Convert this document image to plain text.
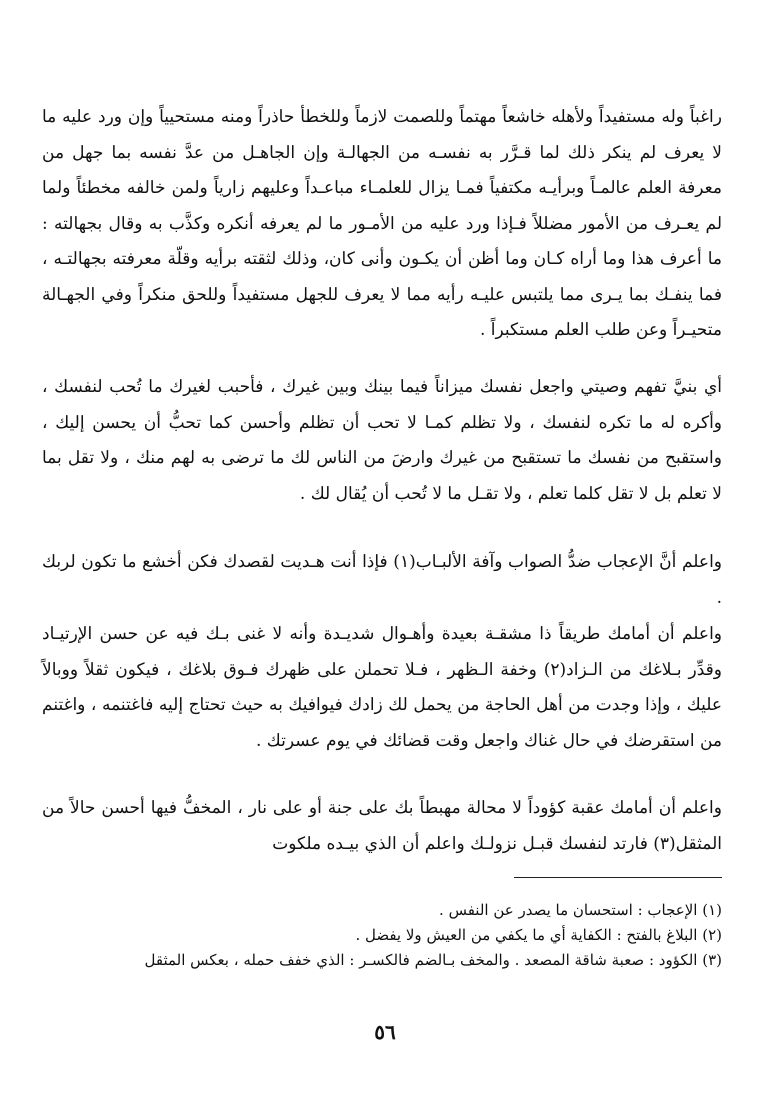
راغباً وله مستفيداً ولأهله خاشعاً مهتماً وللصمت لازماً وللخطأ حاذراً ومنه مستحيياً وإن ورد عليه ما لا يعرف لم ينكر ذلك لما قـرَّر به نفسـه من الجهالـة وإن الجاهـل من عدَّ نفسه بما جهل من معرفة العلم عالمـاً وبرأيـه مكتفياً فمـا يزال للعلمـاء مباعـداً وعليهم زارياً ولمن خالفه مخطئاً ولما لم يعـرف من الأمور مضللاً فـإذا ورد عليه من الأمـور ما لم يعرفه أنكره وكذَّب به وقال بجهالته : ما أعرف هذا وما أراه كـان وما أظن أن يكـون وأنى كان، وذلك لثقته برأيه وقلّة معرفته بجهالتـه ، فما ينفـك بما يـرى مما يلتبس عليـه رأيه مما لا يعرف للجهل مستفيداً وللحق منكراً وفي الجهـالة متحيـراً وعن طلب العلم مستكبراً .
أي بنيَّ تفهم وصيتي واجعل نفسك ميزاناً فيما بينك وبين غيرك ، فأحبب لغيرك ما تُحب لنفسك ، وأكره له ما تكره لنفسك ، ولا تظلم كمـا لا تحب أن تظلم وأحسن كما تحبُّ أن يحسن إليك ، واستقبح من نفسك ما تستقبح من غيرك وارضَ من الناس لك ما ترضى به لهم منك ، ولا تقل بما لا تعلم بل لا تقل كلما تعلم ، ولا تقـل ما لا تُحب أن يُقال لك .
واعلم أنَّ الإعجاب ضدُّ الصواب وآفة الألبـاب(١) فإذا أنت هـديت لقصدك فكن أخشع ما تكون لربك .
واعلم أن أمامك طريقاً ذا مشقـة بعيدة وأهـوال شديـدة وأنه لا غنى بـك فيه عن حسن الإرتيـاد وقدِّر بـلاغك من الـزاد(٢) وخفة الـظهر ، فـلا تحملن على ظهرك فـوق بلاغك ، فيكون ثقلاً ووبالاً عليك ، وإذا وجدت من أهل الحاجة من يحمل لك زادك فيوافيك به حيث تحتاج إليه فاغتنمه ، واغتنم من استقرضك في حال غناك واجعل وقت قضائك في يوم عسرتك .
واعلم أن أمامك عقبة كؤوداً لا محالة مهبطاً بك على جنة أو على نار ، المخفُّ فيها أحسن حالاً من المثقل(٣) فارتد لنفسك قبـل نزولـك واعلم أن الذي بيـده ملكوت

(١) الإعجاب : استحسان ما يصدر عن النفس .

(٢) البلاغ بالفتح : الكفاية أي ما يكفي من العيش ولا يفضل .

(٣) الكؤود : صعبة شاقة المصعد . والمخف بـالضم فالكسـر : الذي خفف حمله ، بعكس المثقل

٥٦
